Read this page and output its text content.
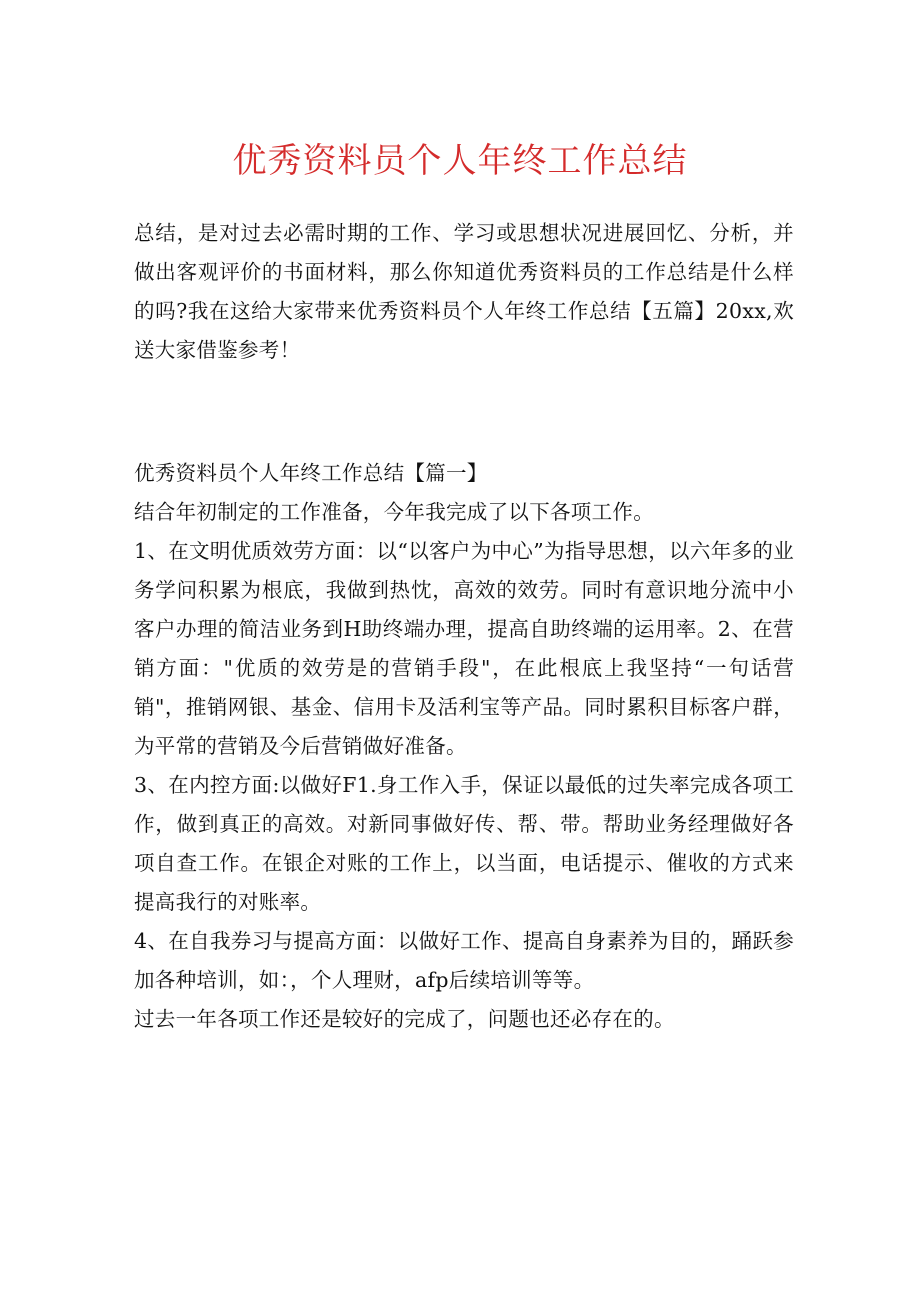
优秀资料员个人年终工作总结

总结，是对过去必需时期的工作、学习或思想状况进展回忆、分析，并做出客观评价的书面材料，那么你知道优秀资料员的工作总结是什么样的吗?我在这给大家带来优秀资料员个人年终工作总结【五篇】20xx,欢送大家借鉴参考！

优秀资料员个人年终工作总结【篇一】

结合年初制定的工作准备，今年我完成了以下各项工作。

1、在文明优质效劳方面：以“以客户为中心”为指导思想，以六年多的业务学问积累为根底，我做到热忱，高效的效劳。同时有意识地分流中小客户办理的简洁业务到H助终端办理，提高自助终端的运用率。2、在营销方面："优质的效劳是的营销手段"，在此根底上我坚持“一句话营销"，推销网银、基金、信用卡及活利宝等产品。同时累积目标客户群，为平常的营销及今后营销做好准备。

3、在内控方面:以做好F1.身工作入手，保证以最低的过失率完成各项工作，做到真正的高效。对新同事做好传、帮、带。帮助业务经理做好各项自查工作。在银企对账的工作上，以当面，电话提示、催收的方式来提高我行的对账率。

4、在自我券习与提高方面：以做好工作、提高自身素养为目的，踊跃参加各种培训，如：，个人理财，afp后续培训等等。

过去一年各项工作还是较好的完成了，问题也还必存在的。
